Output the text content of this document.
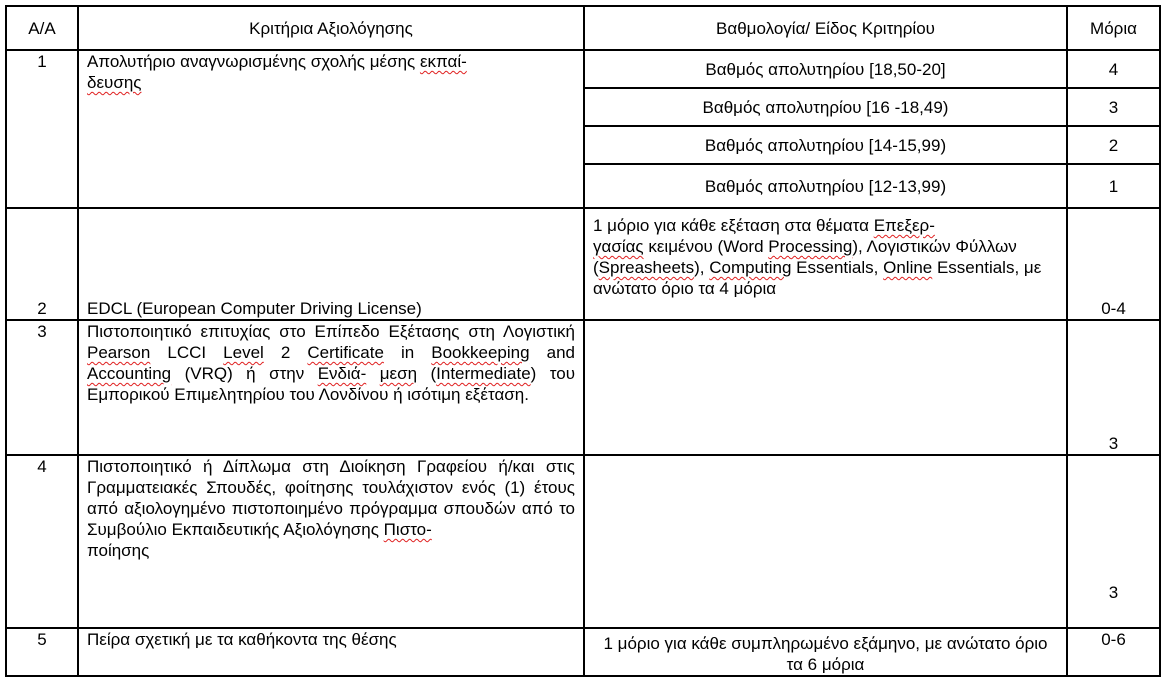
Α/Α	Κριτήρια Αξιολόγησης	Βαθμολογία/ Είδος Κριτηρίου	Μόρια
1	Απολυτήριο αναγνωρισμένης σχολής μέσης εκπαί-
δευσης	Βαθμός απολυτηρίου [18,50-20]	4
		Βαθμός απολυτηρίου [16 -18,49)	3
		Βαθμός απολυτηρίου [14-15,99)	2
		Βαθμός απολυτηρίου [12-13,99)	1
2	EDCL (European Computer Driving License)	1 μόριο για κάθε εξέταση στα θέματα Επεξερ-
γασίας κειμένου (Word Processing), Λογιστικών Φύλλων (Spreasheets), Computing Essentials, Online Essentials, με ανώτατο όριο τα 4 μόρια	0-4
3	Πιστοποιητικό επιτυχίας στο Επίπεδο Εξέτασης στη Λογιστική Pearson LCCI Level 2 Certificate in Bookkeeping and Accounting (VRQ) ή στην Ενδιά- μεση (Intermediate) του Εμπορικού Επιμελητηρίου του Λονδίνου ή ισότιμη εξέταση.		3
4	Πιστοποιητικό ή Δίπλωμα στη Διοίκηση Γραφείου ή/και στις Γραμματειακές Σπουδές, φοίτησης τουλάχιστον ενός (1) έτους από αξιολογημένο πιστοποιημένο πρόγραμμα σπουδών από το Συμβούλιο Εκπαιδευτικής Αξιολόγησης Πιστο-
ποίησης		3
5	Πείρα σχετική με τα καθήκοντα της θέσης	1 μόριο για κάθε συμπληρωμένο εξάμηνο, με ανώτατο όριο τα 6 μόρια	0-6
